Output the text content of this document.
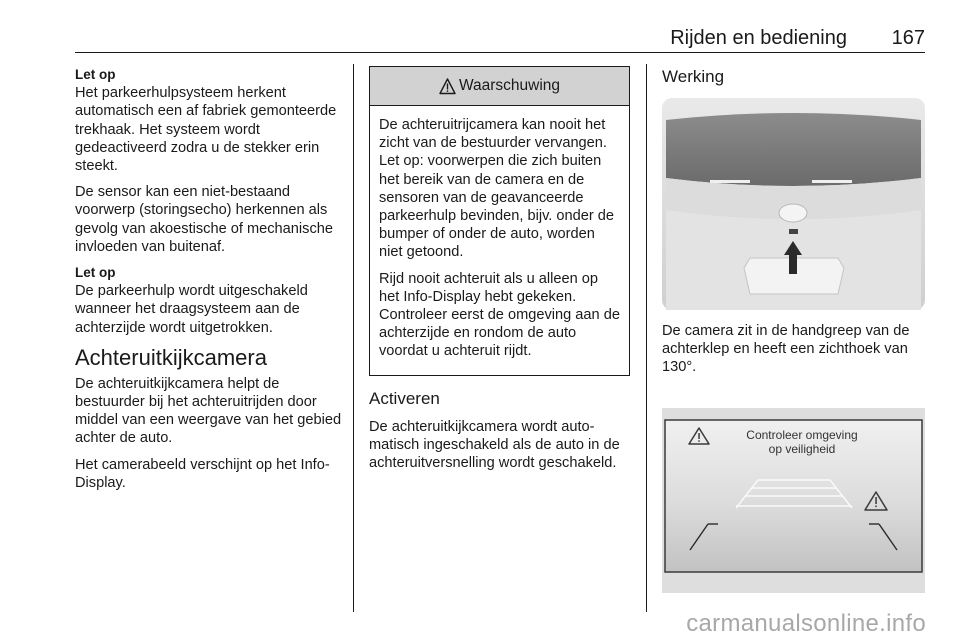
Rijden en bediening 167

Let op
Het parkeerhulpsysteem herkent automatisch een af fabriek gemonteerde trekhaak. Het systeem wordt gedeactiveerd zodra u de stekker erin steekt.

De sensor kan een niet-bestaand voorwerp (storingsecho) herkennen als gevolg van akoestische of mechanische invloeden van buitenaf.

Let op
De parkeerhulp wordt uitgeschakeld wanneer het draagsysteem aan de achterzijde wordt uitgetrokken.

Achteruitkijkcamera

De achteruitkijkcamera helpt de bestuurder bij het achteruitrijden door middel van een weergave van het gebied achter de auto.

Het camerabeeld verschijnt op het Info-Display.

Waarschuwing

De achteruitrijcamera kan nooit het zicht van de bestuurder vervangen. Let op: voorwerpen die zich buiten het bereik van de camera en de sensoren van de geavanceerde parkeerhulp bevinden, bijv. onder de bumper of onder de auto, worden niet getoond.

Rijd nooit achteruit als u alleen op het Info-Display hebt gekeken. Controleer eerst de omgeving aan de achterzijde en rondom de auto voordat u achteruit rijdt.

Activeren

De achteruitkijkcamera wordt automatisch ingeschakeld als de auto in de achteruitversnelling wordt geschakeld.

Werking

De camera zit in de handgreep van de achterklep en heeft een zichthoek van 130°.

Controleer omgeving
op veiligheid
carmanualsonline.info
